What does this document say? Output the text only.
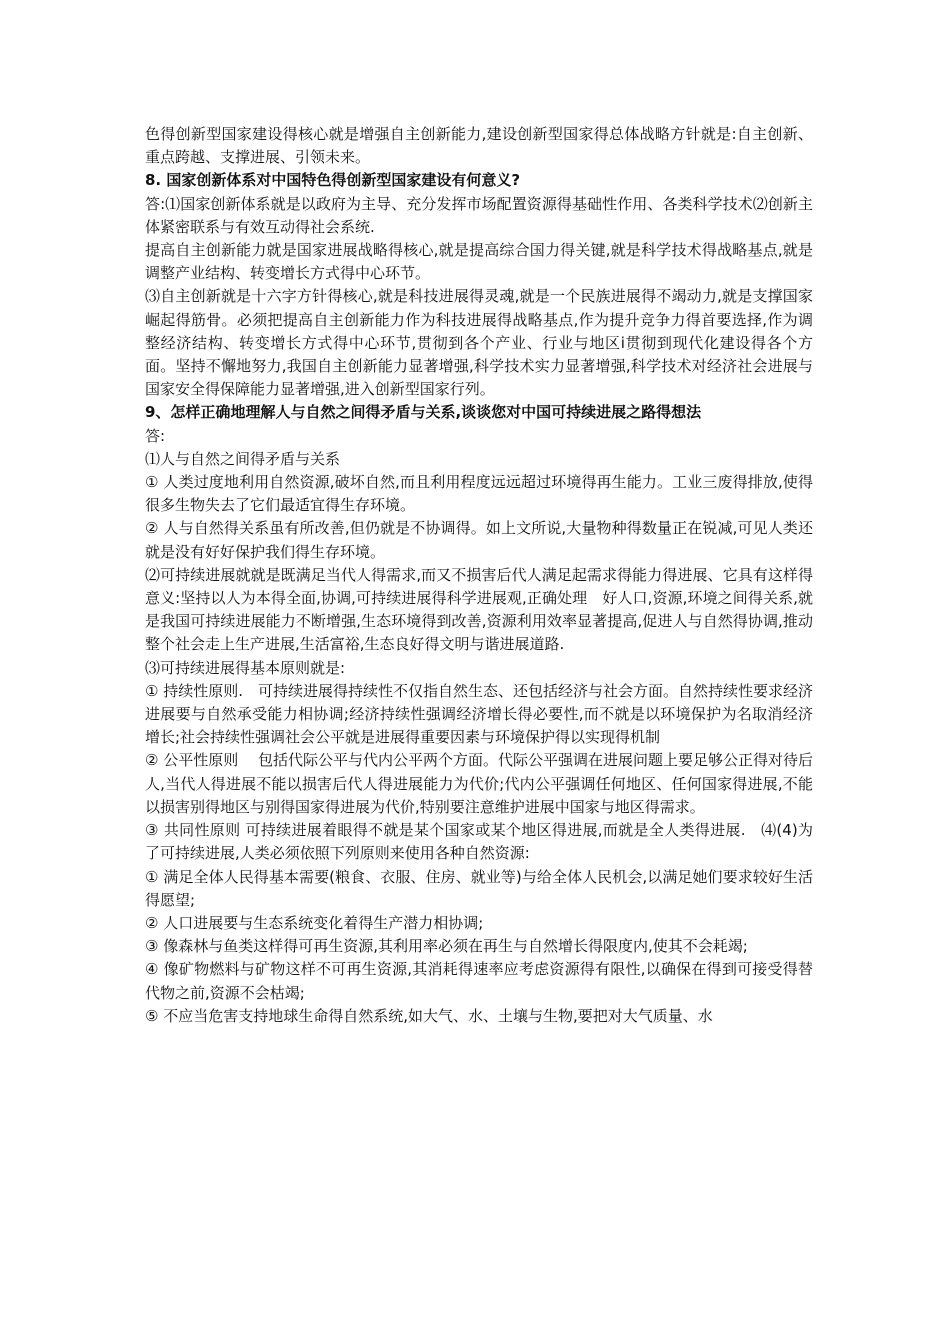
色得创新型国家建设得核心就是增强自主创新能力,建设创新型国家得总体战略方针就是:自主创新、重点跨越、支撑进展、引领未来。

8. 国家创新体系对中国特色得创新型国家建设有何意义?

答:⑴国家创新体系就是以政府为主导、充分发挥市场配置资源得基础性作用、各类科学技术⑵创新主体紧密联系与有效互动得社会系统.

提高自主创新能力就是国家进展战略得核心,就是提高综合国力得关键,就是科学技术得战略基点,就是调整产业结构、转变增长方式得中心环节。

⑶自主创新就是十六字方针得核心,就是科技进展得灵魂,就是一个民族进展得不竭动力,就是支撑国家崛起得筋骨。必须把提高自主创新能力作为科技进展得战略基点,作为提升竞争力得首要选择,作为调整经济结构、转变增长方式得中心环节,贯彻到各个产业、行业与地区ⅰ贯彻到现代化建设得各个方面。坚持不懈地努力,我国自主创新能力显著增强,科学技术实力显著增强,科学技术对经济社会进展与国家安全得保障能力显著增强,进入创新型国家行列。

9、怎样正确地理解人与自然之间得矛盾与关系,谈谈您对中国可持续进展之路得想法

答:

⑴人与自然之间得矛盾与关系

① 人类过度地利用自然资源,破坏自然,而且利用程度远远超过环境得再生能力。工业三废得排放,使得很多生物失去了它们最适宜得生存环境。

② 人与自然得关系虽有所改善,但仍就是不协调得。如上文所说,大量物种得数量正在锐减,可见人类还就是没有好好保护我们得生存环境。

⑵可持续进展就就是既满足当代人得需求,而又不损害后代人满足起需求得能力得进展、它具有这样得意义:坚持以人为本得全面,协调,可持续进展得科学进展观,正确处理　好人口,资源,环境之间得关系,就是我国可持续进展能力不断增强,生态环境得到改善,资源利用效率显著提高,促进人与自然得协调,推动整个社会走上生产进展,生活富裕,生态良好得文明与谐进展道路.

⑶可持续进展得基本原则就是:

① 持续性原则.　可持续进展得持续性不仅指自然生态、还包括经济与社会方面。自然持续性要求经济进展要与自然承受能力相协调;经济持续性强调经济增长得必要性,而不就是以环境保护为名取消经济增长;社会持续性强调社会公平就是进展得重要因素与环境保护得以实现得机制

② 公平性原则　 包括代际公平与代内公平两个方面。代际公平强调在进展问题上要足够公正得对待后人,当代人得进展不能以损害后代人得进展能力为代价;代内公平强调任何地区、任何国家得进展,不能以损害别得地区与别得国家得进展为代价,特别要注意维护进展中国家与地区得需求。

③ 共同性原则 可持续进展着眼得不就是某个国家或某个地区得进展,而就是全人类得进展.　⑷(4)为了可持续进展,人类必须依照下列原则来使用各种自然资源:

① 满足全体人民得基本需要(粮食、衣服、住房、就业等)与给全体人民机会,以满足她们要求较好生活得愿望;

② 人口进展要与生态系统变化着得生产潜力相协调;

③ 像森林与鱼类这样得可再生资源,其利用率必须在再生与自然增长得限度内,使其不会耗竭;

④ 像矿物燃料与矿物这样不可再生资源,其消耗得速率应考虑资源得有限性,以确保在得到可接受得替代物之前,资源不会枯竭;

⑤ 不应当危害支持地球生命得自然系统,如大气、水、土壤与生物,要把对大气质量、水
